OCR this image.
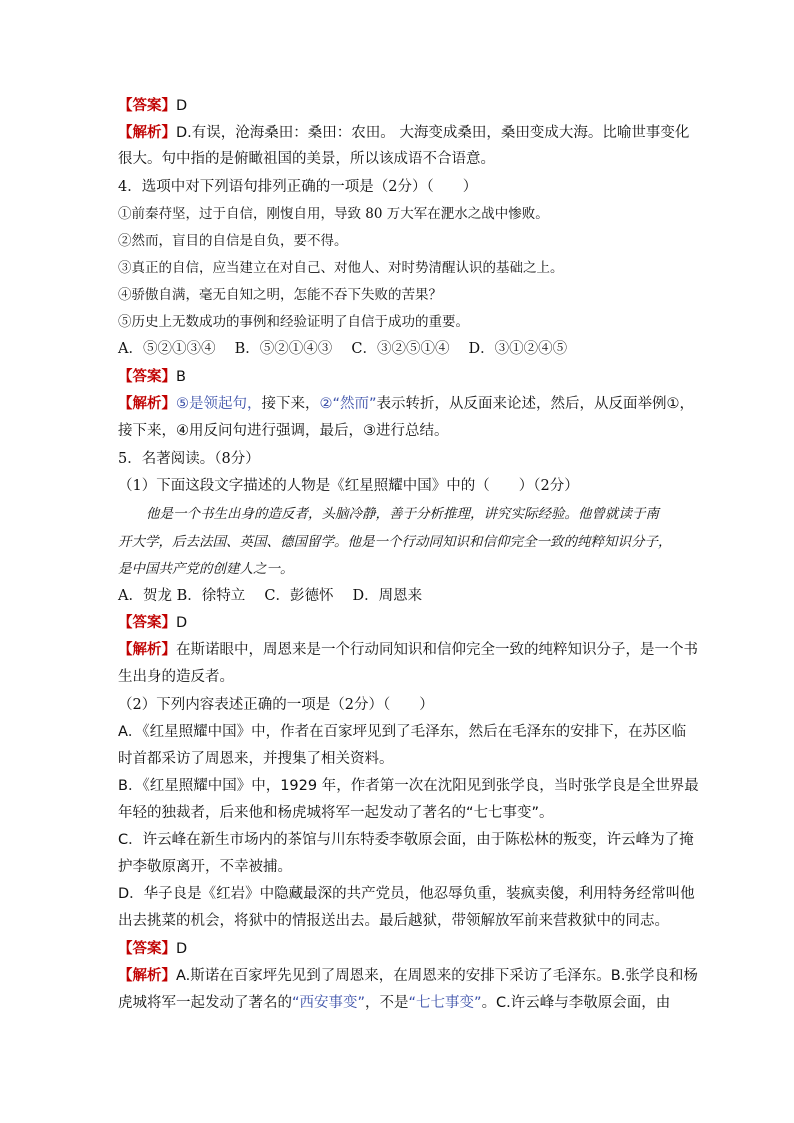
【答案】D
【解析】D.有误，沧海桑田：桑田：农田。 大海变成桑田，桑田变成大海。比喻世事变化
很大。句中指的是俯瞰祖国的美景，所以该成语不合语意。
4．选项中对下列语句排列正确的一项是（2分）（　　）
①前秦苻坚，过于自信，刚愎自用，导致 80 万大军在淝水之战中惨败。
②然而，盲目的自信是自负，要不得。
③真正的自信，应当建立在对自己、对他人、对时势清醒认识的基础之上。
④骄傲自满，毫无自知之明，怎能不吞下失败的苦果？
⑤历史上无数成功的事例和经验证明了自信于成功的重要。
A．⑤②①③④　 B．⑤②①④③　 C．③②⑤①④　 D．③①②④⑤
【答案】B
【解析】⑤是领起句，接下来，②“然而”表示转折，从反面来论述，然后，从反面举例①，
接下来，④用反问句进行强调，最后，③进行总结。
5．名著阅读。（8分）
（1）下面这段文字描述的人物是《红星照耀中国》中的（　　）（2分）
他是一个书生出身的造反者，头脑冷静，善于分析推理，讲究实际经验。他曾就读于南
开大学，后去法国、英国、德国留学。他是一个行动同知识和信仰完全一致的纯粹知识分子，
是中国共产党的创建人之一。
A．贺龙 B．徐特立　 C．彭德怀　 D．周恩来
【答案】D
【解析】在斯诺眼中，周恩来是一个行动同知识和信仰完全一致的纯粹知识分子，是一个书
生出身的造反者。
（2）下列内容表述正确的一项是（2分）（　　）
A．《红星照耀中国》中，作者在百家坪见到了毛泽东，然后在毛泽东的安排下，在苏区临
时首都采访了周恩来，并搜集了相关资料。
B．《红星照耀中国》中，1929 年，作者第一次在沈阳见到张学良，当时张学良是全世界最
年轻的独裁者，后来他和杨虎城将军一起发动了著名的“七七事变”。
C．许云峰在新生市场内的茶馆与川东特委李敬原会面，由于陈松林的叛变，许云峰为了掩
护李敬原离开，不幸被捕。
D．华子良是《红岩》中隐藏最深的共产党员，他忍辱负重，装疯卖傻，利用特务经常叫他
出去挑菜的机会，将狱中的情报送出去。最后越狱，带领解放军前来营救狱中的同志。
【答案】D
【解析】A.斯诺在百家坪先见到了周恩来，在周恩来的安排下采访了毛泽东。B.张学良和杨
虎城将军一起发动了著名的“西安事变”，不是“七七事变”。C.许云峰与李敬原会面，由
